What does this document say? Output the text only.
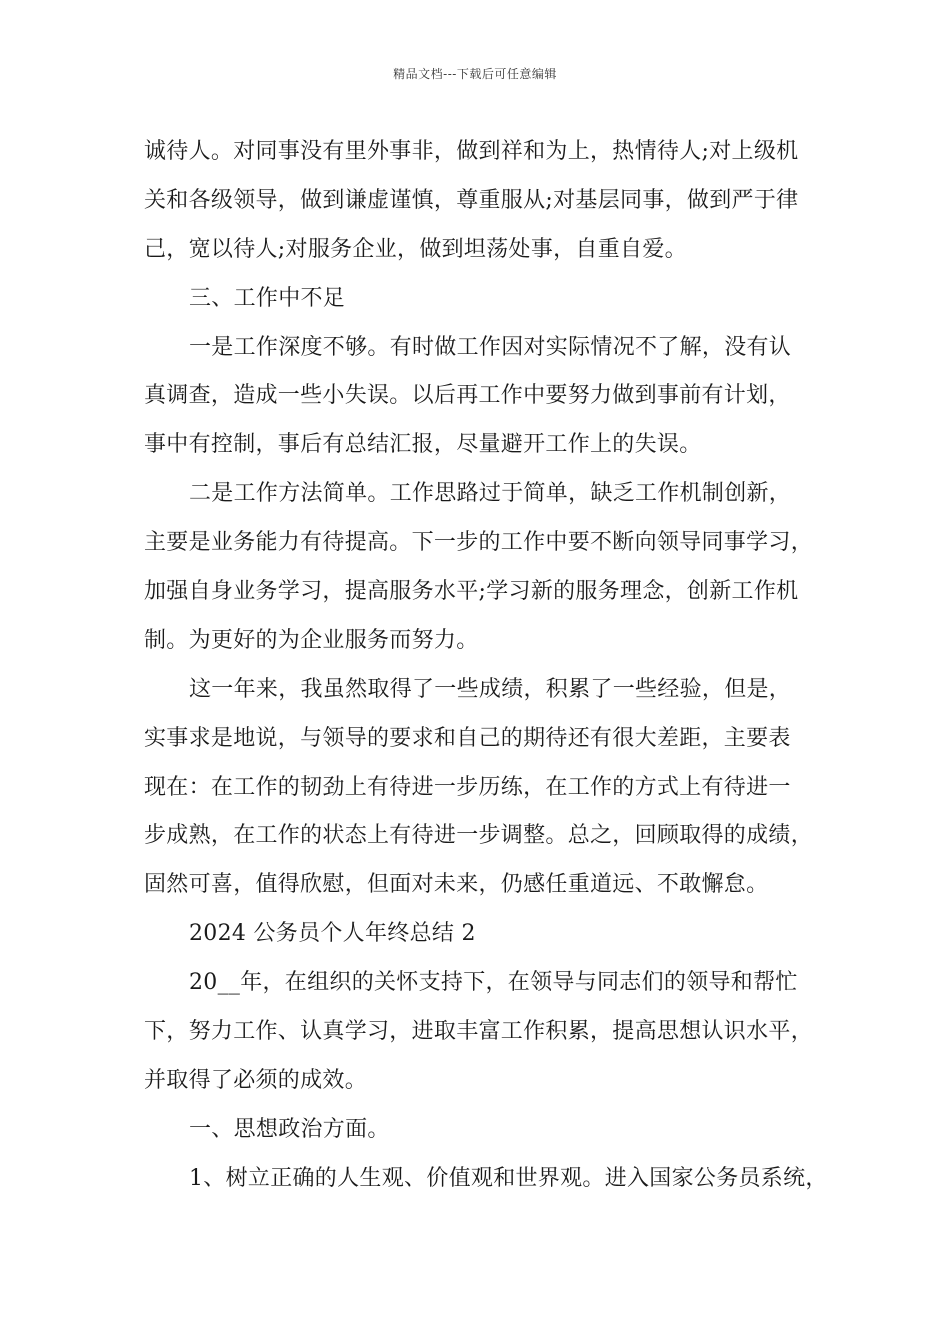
精品文档---下载后可任意编辑
诚待人。对同事没有里外事非，做到祥和为上，热情待人;对上级机
关和各级领导，做到谦虚谨慎，尊重服从;对基层同事，做到严于律
己，宽以待人;对服务企业，做到坦荡处事，自重自爱。
三、工作中不足
一是工作深度不够。有时做工作因对实际情况不了解，没有认
真调查，造成一些小失误。以后再工作中要努力做到事前有计划，
事中有控制，事后有总结汇报，尽量避开工作上的失误。
二是工作方法简单。工作思路过于简单，缺乏工作机制创新，
主要是业务能力有待提高。下一步的工作中要不断向领导同事学习，
加强自身业务学习，提高服务水平;学习新的服务理念，创新工作机
制。为更好的为企业服务而努力。
这一年来，我虽然取得了一些成绩，积累了一些经验，但是，
实事求是地说，与领导的要求和自己的期待还有很大差距，主要表
现在：在工作的韧劲上有待进一步历练，在工作的方式上有待进一
步成熟，在工作的状态上有待进一步调整。总之，回顾取得的成绩，
固然可喜，值得欣慰，但面对未来，仍感任重道远、不敢懈怠。
2024 公务员个人年终总结 2
20__年，在组织的关怀支持下，在领导与同志们的领导和帮忙
下，努力工作、认真学习，进取丰富工作积累，提高思想认识水平，
并取得了必须的成效。
一、思想政治方面。
1、树立正确的人生观、价值观和世界观。进入国家公务员系统，
